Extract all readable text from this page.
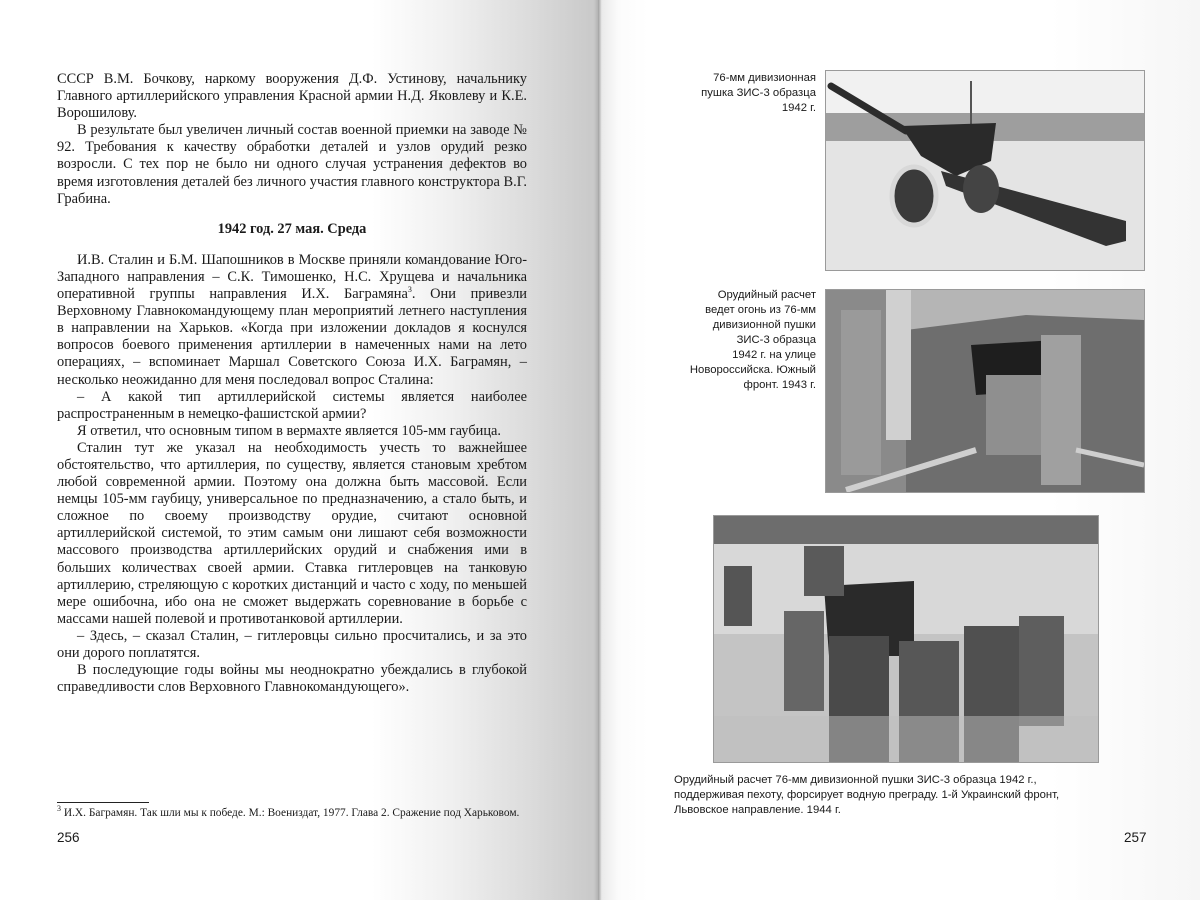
СССР В.М. Бочкову, наркому вооружения Д.Ф. Устинову, начальнику Главного артиллерийского управления Красной армии Н.Д. Яковлеву и К.Е. Ворошилову.

В результате был увеличен личный состав военной приемки на заводе № 92. Требования к качеству обработки деталей и узлов орудий резко возросли. С тех пор не было ни одного случая устранения дефектов во время изготовления деталей без личного участия главного конструктора В.Г. Грабина.

1942 год. 27 мая. Среда

И.В. Сталин и Б.М. Шапошников в Москве приняли командование Юго-Западного направления – С.К. Тимошенко, Н.С. Хрущева и начальника оперативной группы направления И.Х. Баграмяна$^3$. Они привезли Верховному Главнокомандующему план мероприятий летнего наступления в направлении на Харьков. «Когда при изложении докладов я коснулся вопросов боевого применения артиллерии в намеченных нами на лето операциях, – вспоминает Маршал Советского Союза И.Х. Баграмян, – несколько неожиданно для меня последовал вопрос Сталина:

– А какой тип артиллерийской системы является наиболее распространенным в немецко-фашистской армии?

Я ответил, что основным типом в вермахте является 105-мм гаубица.

Сталин тут же указал на необходимость учесть то важнейшее обстоятельство, что артиллерия, по существу, является становым хребтом любой современной армии. Поэтому она должна быть массовой. Если немцы 105-мм гаубицу, универсальное по предназначению, а стало быть, и сложное по своему производству орудие, считают основной артиллерийской системой, то этим самым они лишают себя возможности массового производства артиллерийских орудий и снабжения ими в больших количествах своей армии. Ставка гитлеровцев на танковую артиллерию, стреляющую с коротких дистанций и часто с ходу, по меньшей мере ошибочна, ибо она не сможет выдержать соревнование в борьбе с массами нашей полевой и противотанковой артиллерии.

– Здесь, – сказал Сталин, – гитлеровцы сильно просчитались, и за это они дорого поплатятся.

В последующие годы войны мы неоднократно убеждались в глубокой справедливости слов Верховного Главнокомандующего».

$^3$ И.Х. Баграмян. Так шли мы к победе. М.: Воениздат, 1977. Глава 2. Сражение под Харьковом.
256
76-мм дивизионная
пушка ЗИС-3 образца
1942 г.
Орудийный расчет
ведет огонь из 76-мм
дивизионной пушки
ЗИС-3 образца
1942 г. на улице
Новороссийска. Южный
фронт. 1943 г.
Орудийный расчет 76-мм дивизионной пушки ЗИС-3 образца 1942 г.,
поддерживая пехоту, форсирует водную преграду. 1-й Украинский фронт,
Львовское направление. 1944 г.
257
